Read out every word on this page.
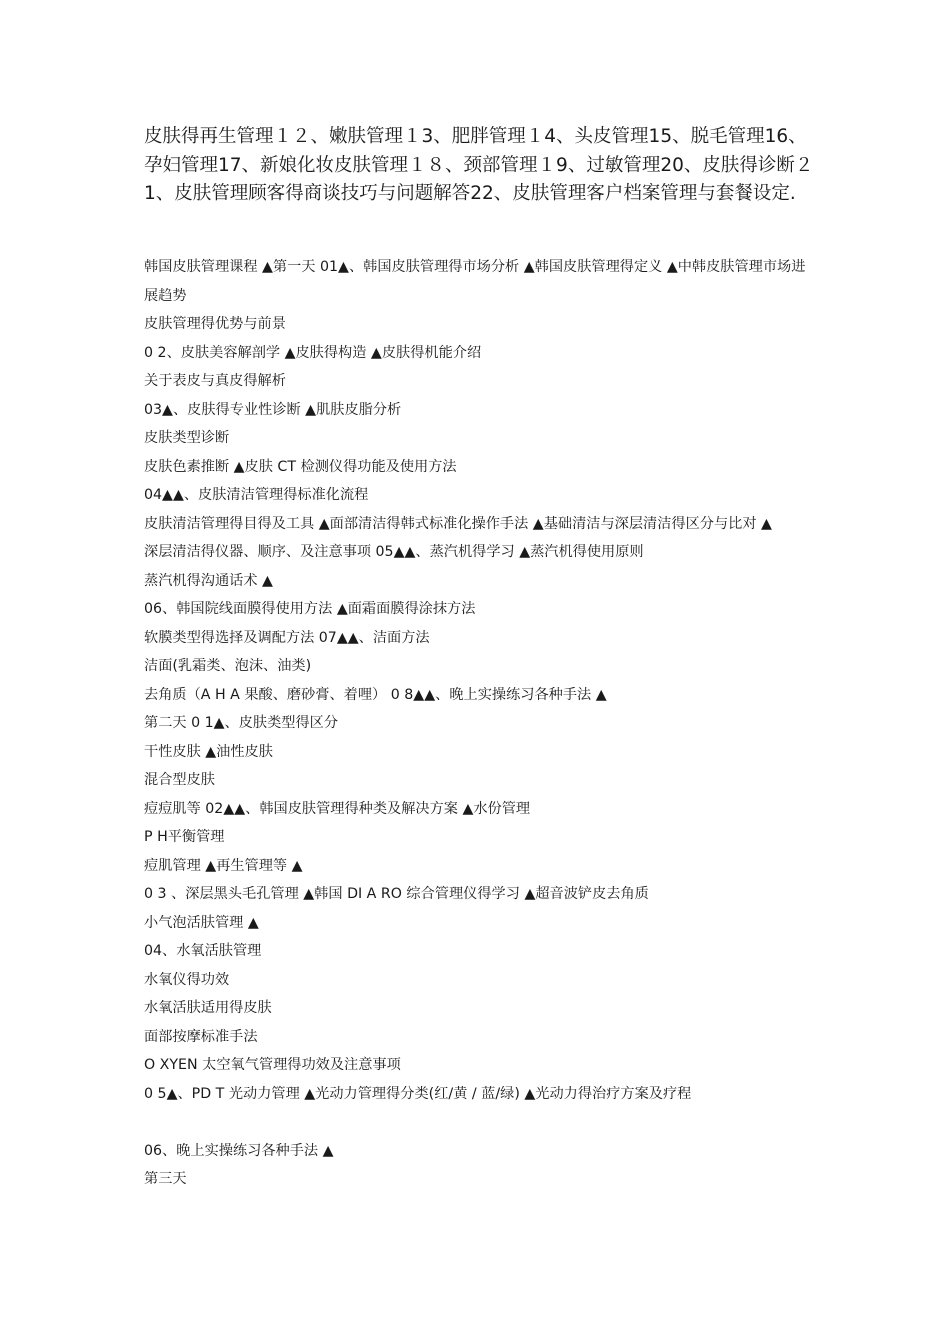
皮肤得再生管理１２、嫩肤管理１3、肥胖管理１4、头皮管理15、脱毛管理16、孕妇管理17、新娘化妆皮肤管理１８、颈部管理１9、过敏管理20、皮肤得诊断２1、皮肤管理顾客得商谈技巧与问题解答22、皮肤管理客户档案管理与套餐设定.
韩国皮肤管理课程 ▲第一天 01▲、韩国皮肤管理得市场分析 ▲韩国皮肤管理得定义 ▲中韩皮肤管理市场进展趋势
皮肤管理得优势与前景
0 2、皮肤美容解剖学 ▲皮肤得构造 ▲皮肤得机能介绍
关于表皮与真皮得解析
03▲、皮肤得专业性诊断 ▲肌肤皮脂分析
皮肤类型诊断
皮肤色素推断 ▲皮肤 CT 检测仪得功能及使用方法
04▲▲、皮肤清洁管理得标准化流程
皮肤清洁管理得目得及工具 ▲面部清洁得韩式标准化操作手法 ▲基础清洁与深层清洁得区分与比对 ▲
深层清洁得仪器、顺序、及注意事项 05▲▲、蒸汽机得学习 ▲蒸汽机得使用原则
蒸汽机得沟通话术 ▲
06、韩国院线面膜得使用方法 ▲面霜面膜得涂抹方法
软膜类型得选择及调配方法 07▲▲、洁面方法
洁面(乳霜类、泡沫、油类)
去角质（A H A 果酸、磨砂膏、着哩） 0 8▲▲、晚上实操练习各种手法 ▲
第二天 0 1▲、皮肤类型得区分
干性皮肤 ▲油性皮肤
混合型皮肤
痘痘肌等 02▲▲、韩国皮肤管理得种类及解决方案 ▲水份管理
P H平衡管理
痘肌管理 ▲再生管理等 ▲
0 3 、深层黑头毛孔管理 ▲韩国 DI A RO 综合管理仪得学习 ▲超音波铲皮去角质
小气泡活肤管理 ▲
04、水氧活肤管理
水氧仪得功效
水氧活肤适用得皮肤
面部按摩标准手法
O XYEN 太空氧气管理得功效及注意事项
0 5▲、PD T 光动力管理 ▲光动力管理得分类(红/黄 / 蓝/绿) ▲光动力得治疗方案及疗程
06、晚上实操练习各种手法 ▲
第三天
